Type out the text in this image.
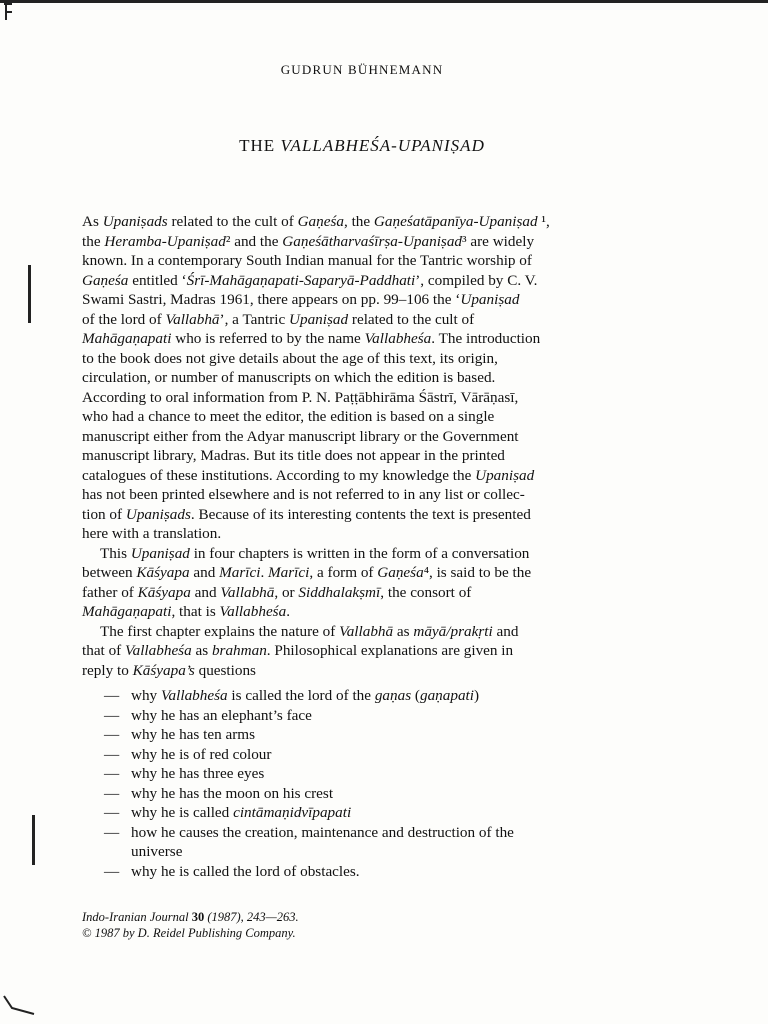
GUDRUN BÜHNEMANN
THE VALLABHEŚA-UPANIṢAD
As Upaniṣads related to the cult of Gaṇeśa, the Gaṇeśatāpanīya-Upaniṣad ¹,
the Heramba-Upaniṣad² and the Gaṇeśātharvaśīrṣa-Upaniṣad³ are widely
known. In a contemporary South Indian manual for the Tantric worship of
Gaṇeśa entitled ‘Śrī-Mahāgaṇapati-Saparyā-Paddhati’, compiled by C. V.
Swami Sastri, Madras 1961, there appears on pp. 99–106 the ‘Upaniṣad
of the lord of Vallabhā’, a Tantric Upaniṣad related to the cult of
Mahāgaṇapati who is referred to by the name Vallabheśa. The introduction
to the book does not give details about the age of this text, its origin,
circulation, or number of manuscripts on which the edition is based.
According to oral information from P. N. Paṭṭābhirāma Śāstrī, Vārāṇasī,
who had a chance to meet the editor, the edition is based on a single
manuscript either from the Adyar manuscript library or the Government
manuscript library, Madras. But its title does not appear in the printed
catalogues of these institutions. According to my knowledge the Upaniṣad
has not been printed elsewhere and is not referred to in any list or collec-
tion of Upaniṣads. Because of its interesting contents the text is presented
here with a translation.
This Upaniṣad in four chapters is written in the form of a conversation
between Kāśyapa and Marīci. Marīci, a form of Gaṇeśa⁴, is said to be the
father of Kāśyapa and Vallabhā, or Siddhalakṣmī, the consort of
Mahāgaṇapati, that is Vallabheśa.
The first chapter explains the nature of Vallabhā as māyā/prakṛti and
that of Vallabheśa as brahman. Philosophical explanations are given in
reply to Kāśyapa’s questions
— why Vallabheśa is called the lord of the gaṇas (gaṇapati)
— why he has an elephant’s face
— why he has ten arms
— why he is of red colour
— why he has three eyes
— why he has the moon on his crest
— why he is called cintāmaṇidvīpapati
— how he causes the creation, maintenance and destruction of the
universe
— why he is called the lord of obstacles.
Indo-Iranian Journal 30 (1987), 243—263.
© 1987 by D. Reidel Publishing Company.
